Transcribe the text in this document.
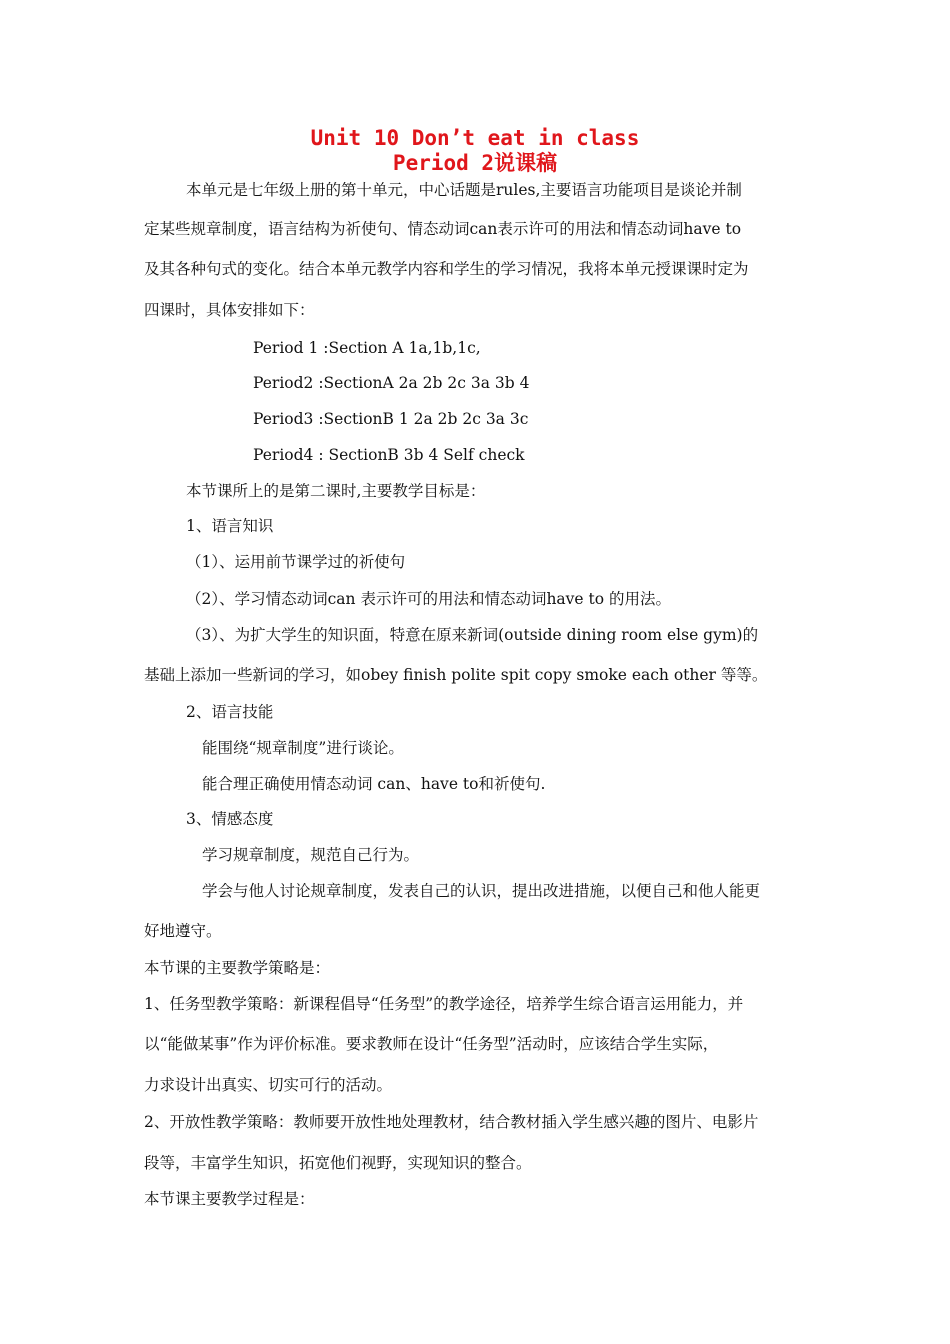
Unit 10 Don’t eat in class
Period 2说课稿
本单元是七年级上册的第十单元，中心话题是rules,主要语言功能项目是谈论并制
定某些规章制度，语言结构为祈使句、情态动词can表示许可的用法和情态动词have to
及其各种句式的变化。结合本单元教学内容和学生的学习情况，我将本单元授课课时定为
四课时，具体安排如下：
Period 1 :Section A 1a,1b,1c,
Period2 :SectionA 2a 2b 2c 3a 3b 4
Period3 :SectionB 1 2a 2b 2c 3a 3c
Period4 : SectionB 3b 4 Self check
本节课所上的是第二课时,主要教学目标是：
1、语言知识
（1）、运用前节课学过的祈使句
（2）、学习情态动词can 表示许可的用法和情态动词have to 的用法。
（3）、为扩大学生的知识面，特意在原来新词(outside dining room else gym)的
基础上添加一些新词的学习，如obey finish polite spit copy smoke each other 等等。
2、语言技能
能围绕“规章制度”进行谈论。
能合理正确使用情态动词 can、have to和祈使句.
3、情感态度
学习规章制度，规范自己行为。
学会与他人讨论规章制度，发表自己的认识，提出改进措施，以便自己和他人能更
好地遵守。
本节课的主要教学策略是：
1、任务型教学策略：新课程倡导“任务型”的教学途径，培养学生综合语言运用能力，并
以“能做某事”作为评价标准。要求教师在设计“任务型”活动时，应该结合学生实际，
力求设计出真实、切实可行的活动。
2、开放性教学策略：教师要开放性地处理教材，结合教材插入学生感兴趣的图片、电影片
段等，丰富学生知识，拓宽他们视野，实现知识的整合。
本节课主要教学过程是：
